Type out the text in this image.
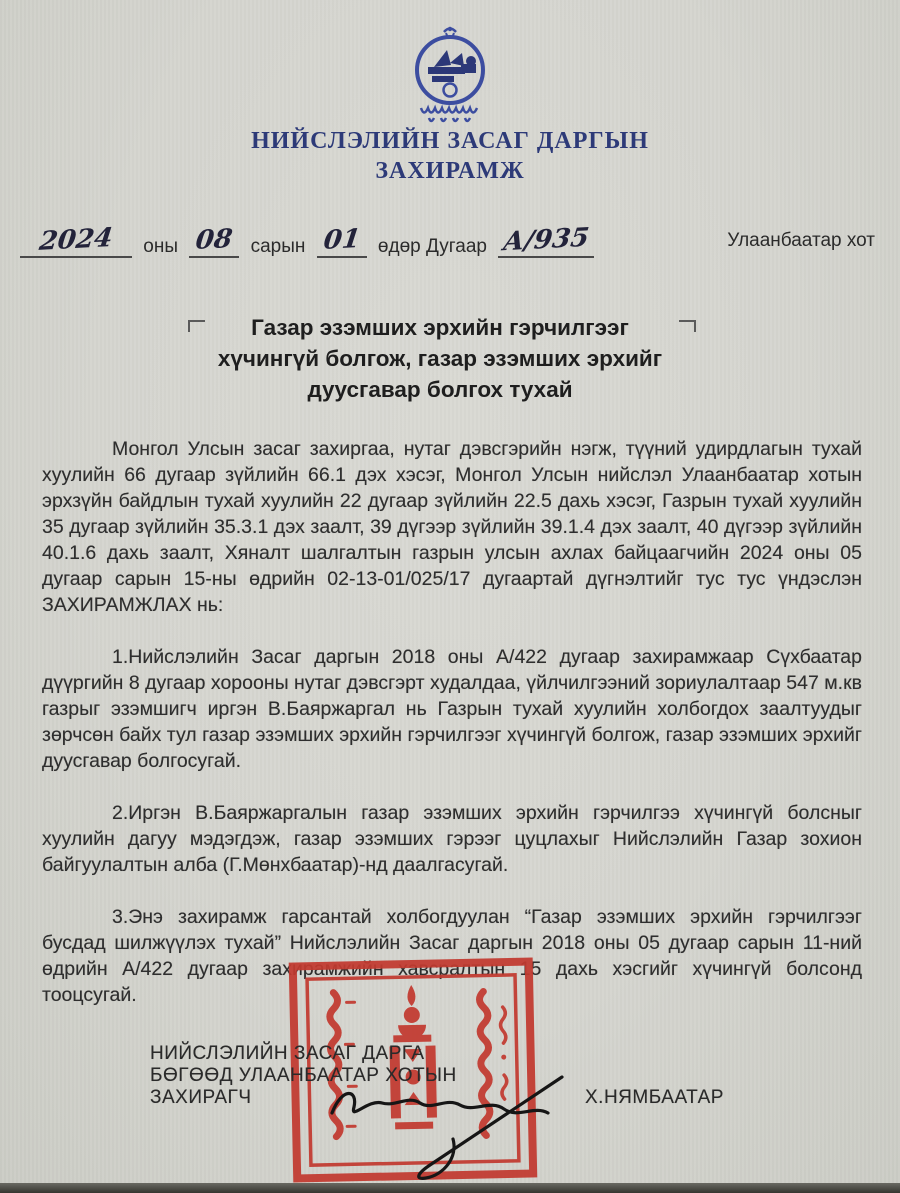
НИЙСЛЭЛИЙН ЗАСАГ ДАРГЫН
ЗАХИРАМЖ
2024	оны 08 сарын 01 өдөр Дугаар А/935	Улаанбаатар хот
Газар эзэмших эрхийн гэрчилгээг
хүчингүй болгож, газар эзэмших эрхийг
дуусгавар болгох тухай

Монгол Улсын засаг захиргаа, нутаг дэвсгэрийн нэгж, түүний удирдлагын тухай хуулийн 66 дугаар зүйлийн 66.1 дэх хэсэг, Монгол Улсын нийслэл Улаанбаатар хотын эрхзүйн байдлын тухай хуулийн 22 дугаар зүйлийн 22.5 дахь хэсэг, Газрын тухай хуулийн 35 дугаар зүйлийн 35.3.1 дэх заалт, 39 дүгээр зүйлийн 39.1.4 дэх заалт, 40 дүгээр зүйлийн 40.1.6 дахь заалт, Хяналт шалгалтын газрын улсын ахлах байцаагчийн 2024 оны 05 дугаар сарын 15-ны өдрийн 02-13-01/025/17 дугаартай дүгнэлтийг тус тус үндэслэн ЗАХИРАМЖЛАХ нь:

1.Нийслэлийн Засаг даргын 2018 оны А/422 дугаар захирамжаар Сүхбаатар дүүргийн 8 дугаар хорооны нутаг дэвсгэрт худалдаа, үйлчилгээний зориулалтаар 547 м.кв газрыг эзэмшигч иргэн В.Баяржаргал нь Газрын тухай хуулийн холбогдох заалтуудыг зөрчсөн байх тул газар эзэмших эрхийн гэрчилгээг хүчингүй болгож, газар эзэмших эрхийг дуусгавар болгосугай.

2.Иргэн В.Баяржаргалын газар эзэмших эрхийн гэрчилгээ хүчингүй болсныг хуулийн дагуу мэдэгдэж, газар эзэмших гэрээг цуцлахыг Нийслэлийн Газар зохион байгуулалтын алба (Г.Мөнхбаатар)-нд даалгасугай.

3.Энэ захирамж гарсантай холбогдуулан “Газар эзэмших эрхийн гэрчилгээг бусдад шилжүүлэх тухай” Нийслэлийн Засаг даргын 2018 оны 05 дугаар сарын 11-ний өдрийн А/422 дугаар захирамжийн хавсралтын 15 дахь хэсгийг хүчингүй болсонд тооцсугай.

НИЙСЛЭЛИЙН ЗАСАГ ДАРГА
БӨГӨӨД УЛААНБААТАР ХОТЫН
ЗАХИРАГЧ	Х.НЯМБААТАР
